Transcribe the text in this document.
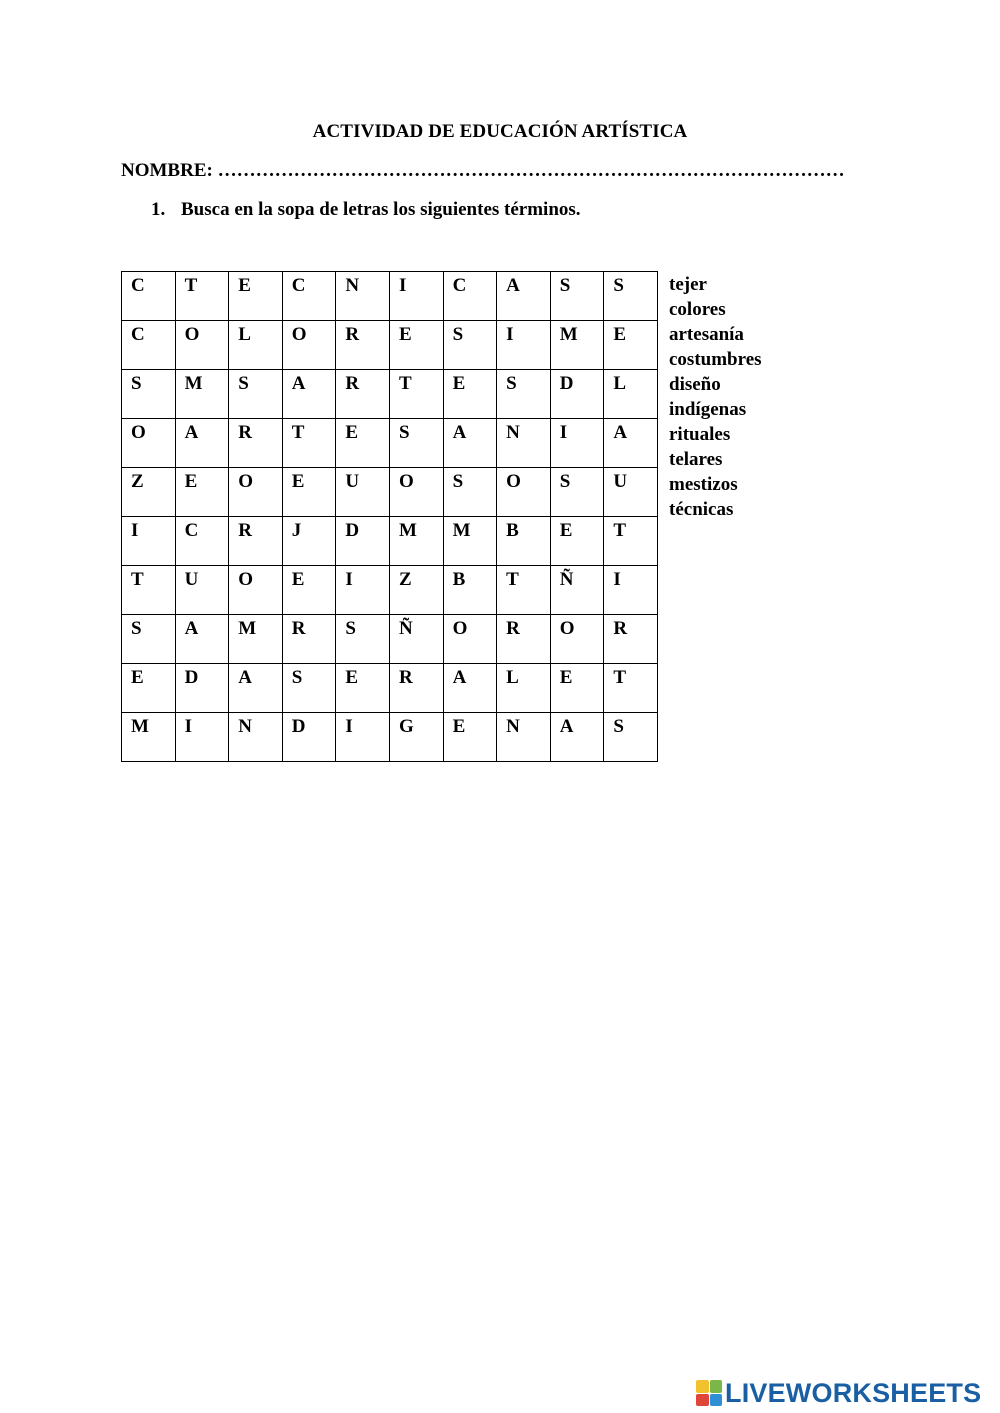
ACTIVIDAD DE EDUCACIÓN ARTÍSTICA
NOMBRE: ………………………………………………………………………………………
1. Busca en la sopa de letras los siguientes términos.
C	T	E	C	N	I	C	A	S	S

C	O	L	O	R	E	S	I	M	E

S	M	S	A	R	T	E	S	D	L

O	A	R	T	E	S	A	N	I	A

Z	E	O	E	U	O	S	O	S	U

I	C	R	J	D	M	M	B	E	T

T	U	O	E	I	Z	B	T	Ñ	I

S	A	M	R	S	Ñ	O	R	O	R

E	D	A	S	E	R	A	L	E	T

M	I	N	D	I	G	E	N	A	S
tejer
colores
artesanía
costumbres
diseño
indígenas
rituales
telares
mestizos
técnicas
LIVEWORKSHEETS
